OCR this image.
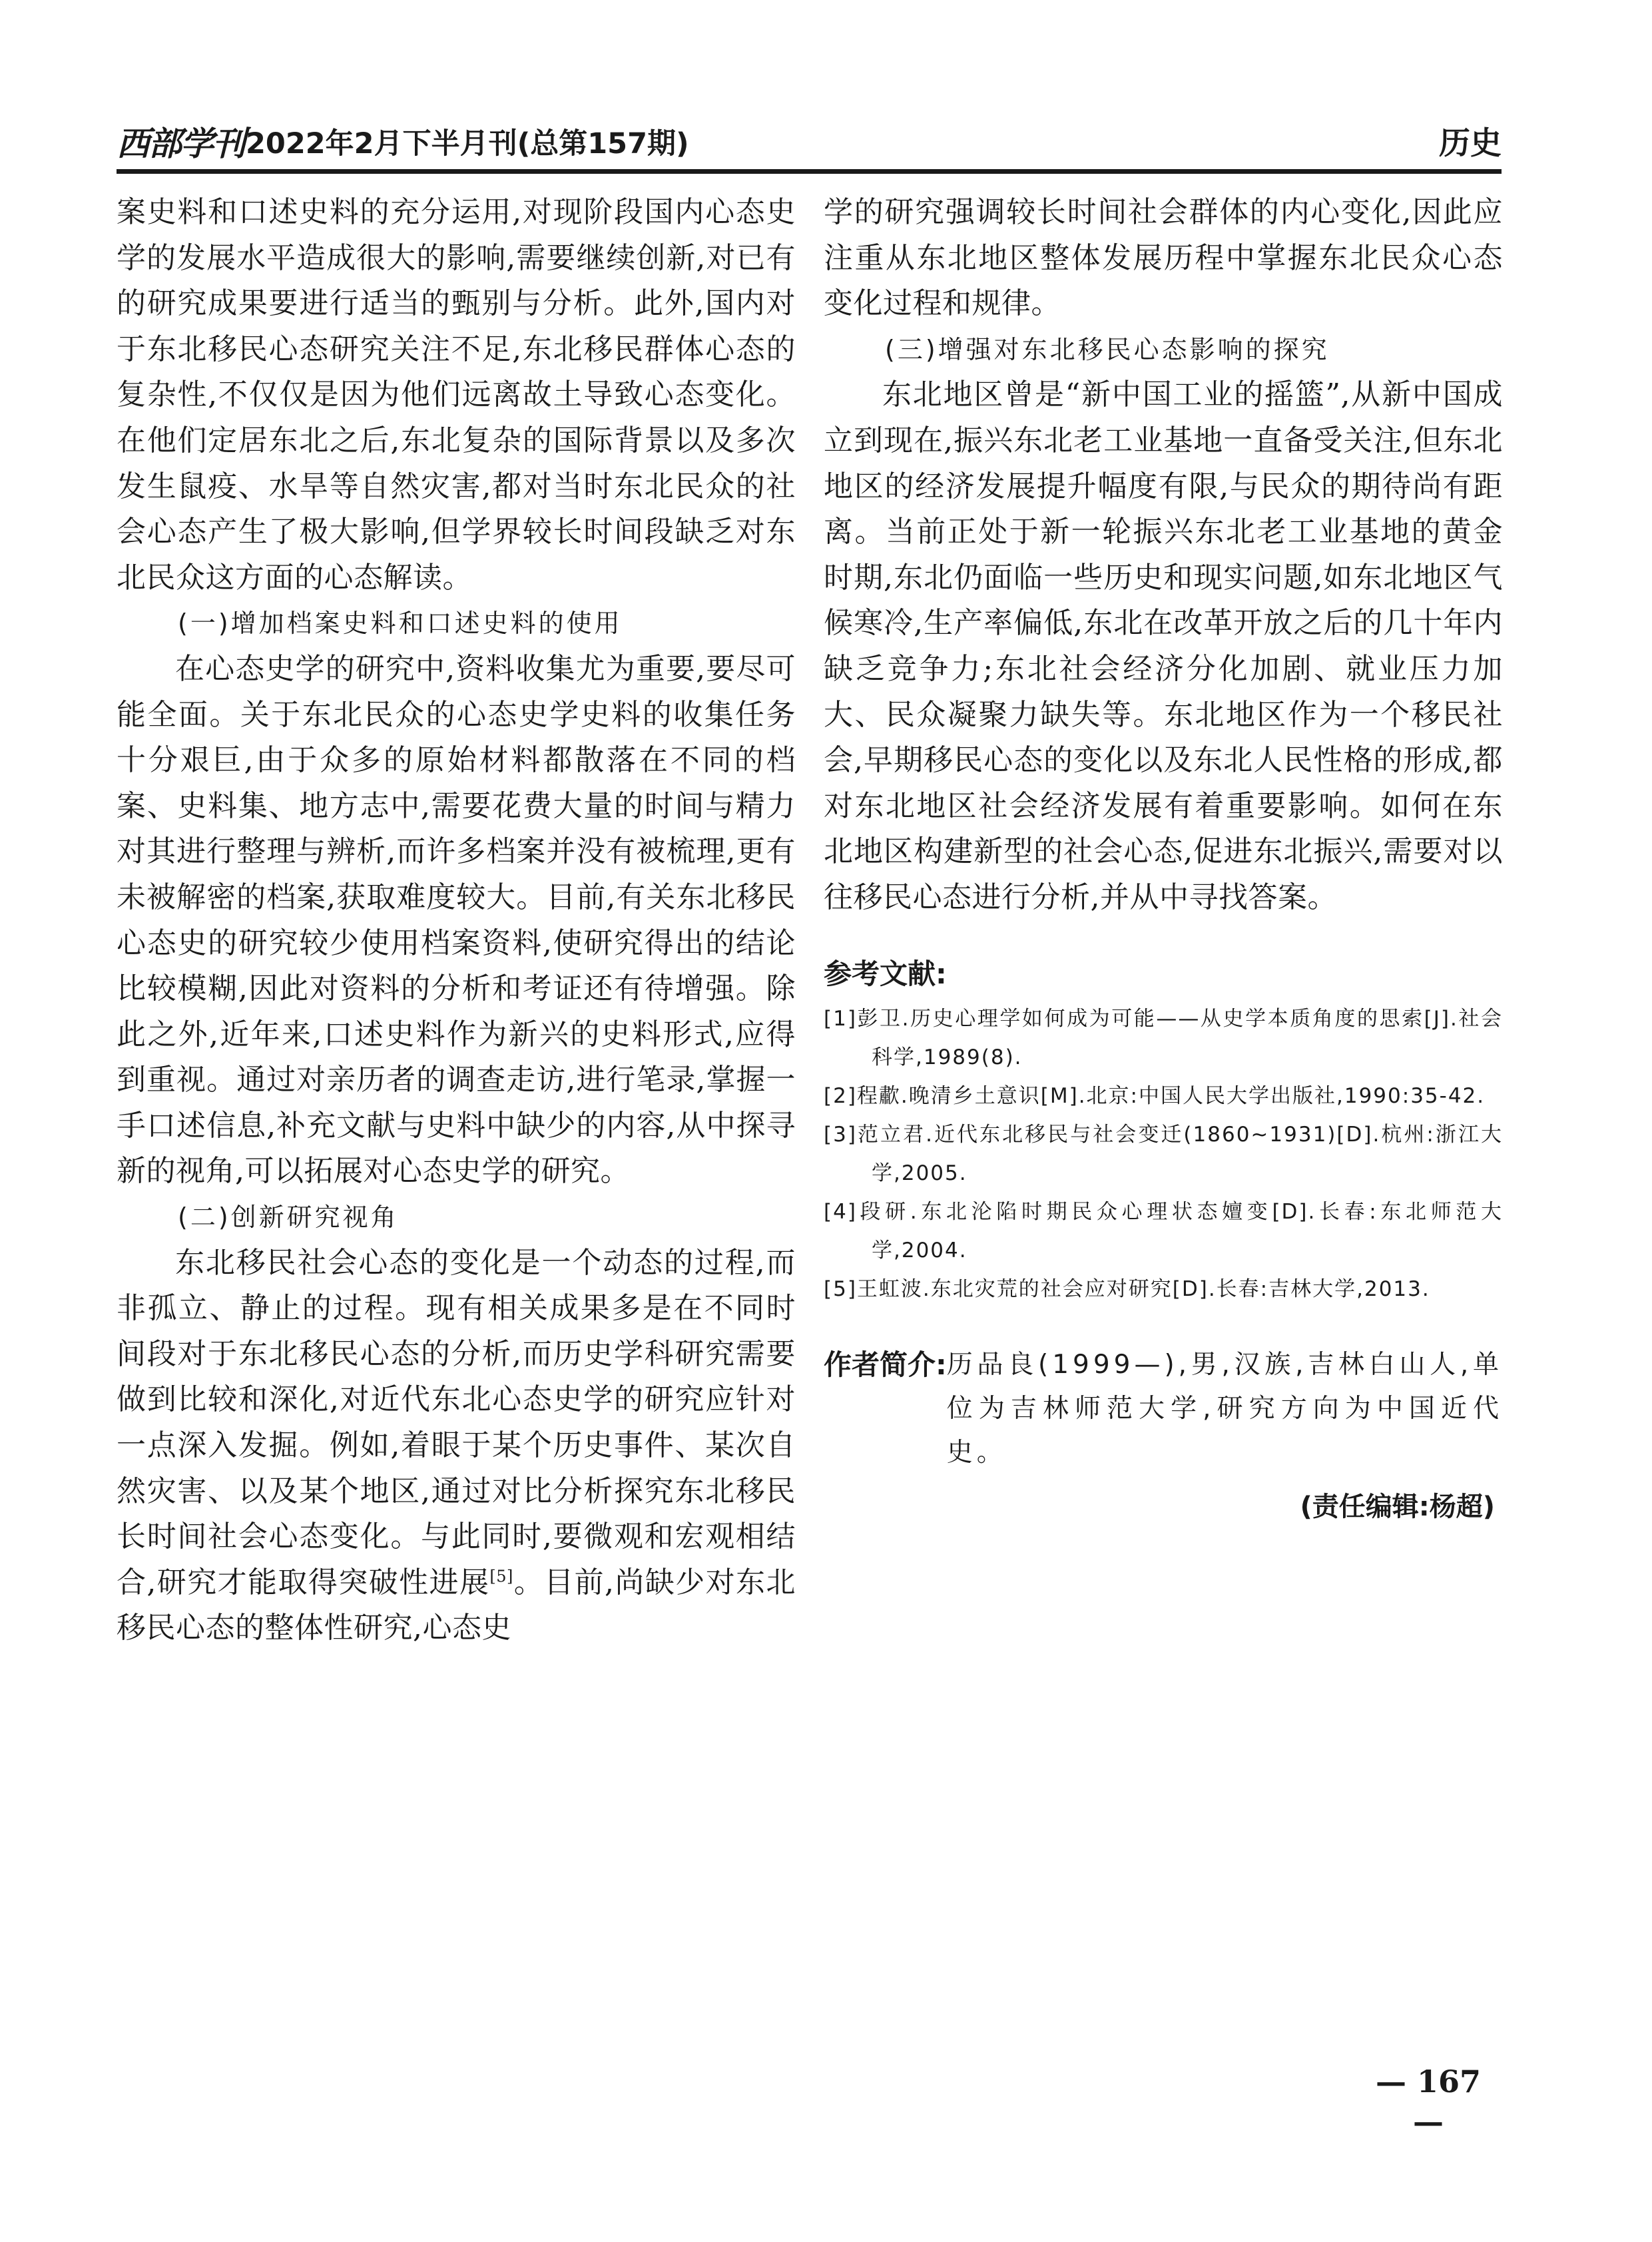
西部学刊 2022年2月下半月刊(总第157期)	历史

案史料和口述史料的充分运用,对现阶段国内心态史学的发展水平造成很大的影响,需要继续创新,对已有的研究成果要进行适当的甄别与分析。此外,国内对于东北移民心态研究关注不足,东北移民群体心态的复杂性,不仅仅是因为他们远离故土导致心态变化。在他们定居东北之后,东北复杂的国际背景以及多次发生鼠疫、水旱等自然灾害,都对当时东北民众的社会心态产生了极大影响,但学界较长时间段缺乏对东北民众这方面的心态解读。

(一)增加档案史料和口述史料的使用

在心态史学的研究中,资料收集尤为重要,要尽可能全面。关于东北民众的心态史学史料的收集任务十分艰巨,由于众多的原始材料都散落在不同的档案、史料集、地方志中,需要花费大量的时间与精力对其进行整理与辨析,而许多档案并没有被梳理,更有未被解密的档案,获取难度较大。目前,有关东北移民心态史的研究较少使用档案资料,使研究得出的结论比较模糊,因此对资料的分析和考证还有待增强。除此之外,近年来,口述史料作为新兴的史料形式,应得到重视。通过对亲历者的调查走访,进行笔录,掌握一手口述信息,补充文献与史料中缺少的内容,从中探寻新的视角,可以拓展对心态史学的研究。

(二)创新研究视角

东北移民社会心态的变化是一个动态的过程,而非孤立、静止的过程。现有相关成果多是在不同时间段对于东北移民心态的分析,而历史学科研究需要做到比较和深化,对近代东北心态史学的研究应针对一点深入发掘。例如,着眼于某个历史事件、某次自然灾害、以及某个地区,通过对比分析探究东北移民长时间社会心态变化。与此同时,要微观和宏观相结合,研究才能取得突破性进展[5]。目前,尚缺少对东北移民心态的整体性研究,心态史

学的研究强调较长时间社会群体的内心变化,因此应注重从东北地区整体发展历程中掌握东北民众心态变化过程和规律。

(三)增强对东北移民心态影响的探究

东北地区曾是“新中国工业的摇篮”,从新中国成立到现在,振兴东北老工业基地一直备受关注,但东北地区的经济发展提升幅度有限,与民众的期待尚有距离。当前正处于新一轮振兴东北老工业基地的黄金时期,东北仍面临一些历史和现实问题,如东北地区气候寒冷,生产率偏低,东北在改革开放之后的几十年内缺乏竞争力;东北社会经济分化加剧、就业压力加大、民众凝聚力缺失等。东北地区作为一个移民社会,早期移民心态的变化以及东北人民性格的形成,都对东北地区社会经济发展有着重要影响。如何在东北地区构建新型的社会心态,促进东北振兴,需要对以往移民心态进行分析,并从中寻找答案。

参考文献:

[1]彭卫.历史心理学如何成为可能——从史学本质角度的思索[J].社会科学,1989(8).

[2]程歗.晚清乡土意识[M].北京:中国人民大学出版社,1990:35-42.

[3]范立君.近代东北移民与社会变迁(1860~1931)[D].杭州:浙江大学,2005.

[4]段研.东北沦陷时期民众心理状态嬗变[D].长春:东北师范大学,2004.

[5]王虹波.东北灾荒的社会应对研究[D].长春:吉林大学,2013.

作者简介: 历品良(1999—),男,汉族,吉林白山人,单位为吉林师范大学,研究方向为中国近代史。
(责任编辑:杨超)
— 167 —
